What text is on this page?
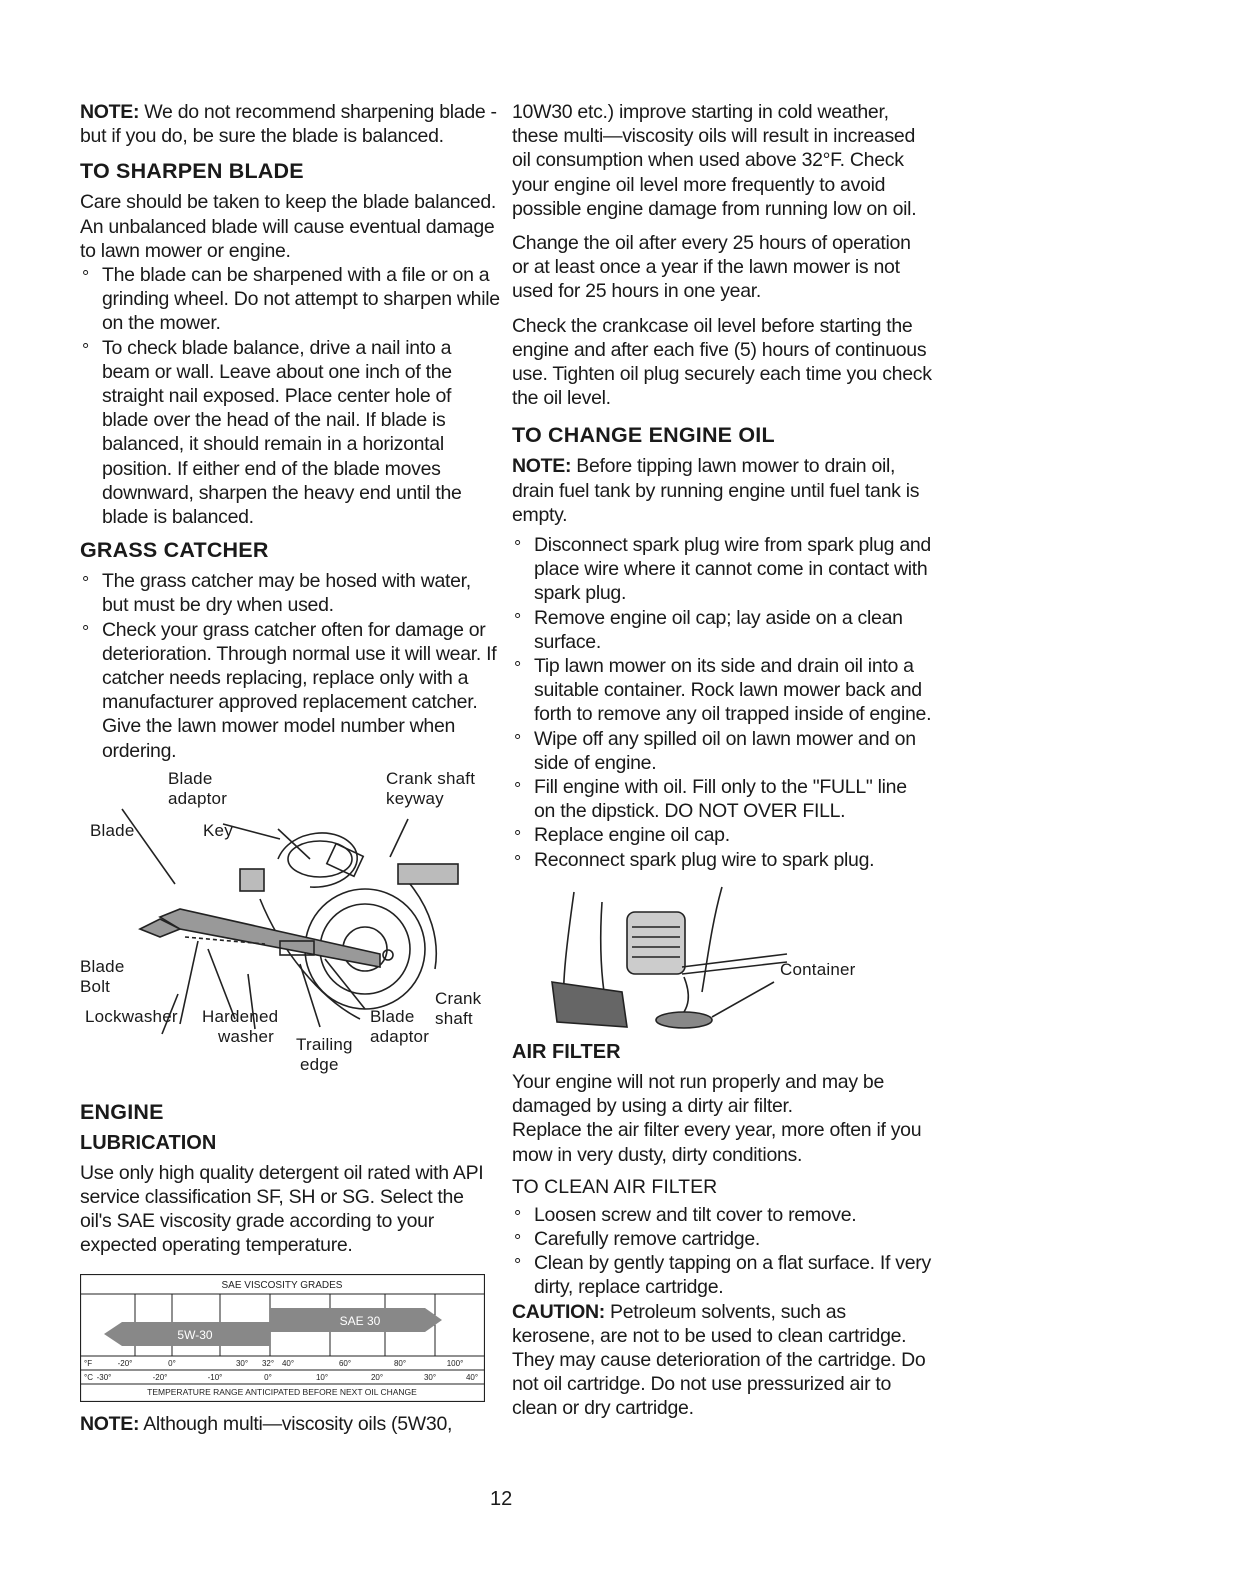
NOTE: We do not recommend sharpening blade - but if you do, be sure the blade is balanced.

TO SHARPEN BLADE

Care should be taken to keep the blade balanced. An unbalanced blade will cause eventual damage to lawn mower or engine.

° The blade can be sharpened with a file or on a grinding wheel. Do not attempt to sharpen while on the mower.
° To check blade balance, drive a nail into a beam or wall. Leave about one inch of the straight nail exposed. Place center hole of blade over the head of the nail. If blade is balanced, it should remain in a horizontal position. If either end of the blade moves downward, sharpen the heavy end until the blade is balanced.
GRASS CATCHER
° The grass catcher may be hosed with water, but must be dry when used.
° Check your grass catcher often for damage or deterioration. Through normal use it will wear. If catcher needs replacing, replace only with a manufacturer approved replacement catcher. Give the lawn mower model number when ordering.
Blade
adaptor
Crank shaft
keyway
Blade	Key
Blade
Bolt
Lockwasher Hardened
washer Trailing
edge
Blade
adaptor
Crank
shaft
ENGINE
LUBRICATION

Use only high quality detergent oil rated with API service classification SF, SH or SG. Select the oil's SAE viscosity grade according to your expected operating temperature.

SAE VISCOSITY GRADES
5W-30
SAE 30
°F	-20°	0°	30° 32° 40°	60°	80°	100°
°C -30°	-20°	-10°	0°	10°	20°	30°	40°
TEMPERATURE RANGE ANTICIPATED BEFORE NEXT OIL CHANGE

NOTE: Although multi—viscosity oils (5W30,

10W30 etc.) improve starting in cold weather, these multi—viscosity oils will result in increased oil consumption when used above 32°F. Check your engine oil level more frequently to avoid possible engine damage from running low on oil.

Change the oil after every 25 hours of operation or at least once a year if the lawn mower is not used for 25 hours in one year.

Check the crankcase oil level before starting the engine and after each five (5) hours of continuous use. Tighten oil plug securely each time you check the oil level.

TO CHANGE ENGINE OIL

NOTE: Before tipping lawn mower to drain oil, drain fuel tank by running engine until fuel tank is empty.

° Disconnect spark plug wire from spark plug and place wire where it cannot come in contact with spark plug.
° Remove engine oil cap; lay aside on a clean surface.
° Tip lawn mower on its side and drain oil into a suitable container. Rock lawn mower back and forth to remove any oil trapped inside of engine.
° Wipe off any spilled oil on lawn mower and on side of engine.
° Fill engine with oil. Fill only to the "FULL" line on the dipstick. DO NOT OVER FILL.
° Replace engine oil cap.
° Reconnect spark plug wire to spark plug.
Container
AIR FILTER

Your engine will not run properly and may be damaged by using a dirty air filter.

Replace the air filter every year, more often if you mow in very dusty, dirty conditions.

TO CLEAN AIR FILTER
° Loosen screw and tilt cover to remove.
° Carefully remove cartridge.
° Clean by gently tapping on a flat surface. If very dirty, replace cartridge.

CAUTION: Petroleum solvents, such as kerosene, are not to be used to clean cartridge. They may cause deterioration of the cartridge. Do not oil cartridge. Do not use pressurized air to clean or dry cartridge.

12
